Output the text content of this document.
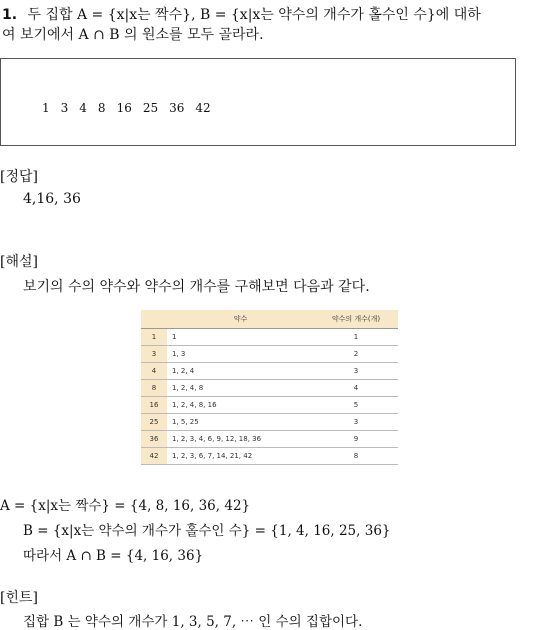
1. 두 집합 A = {x|x는 짝수}, B = {x|x는 약수의 개수가 홀수인 수}에 대하
여 보기에서 A ∩ B 의 원소를 모두 골라라.
1 3 4 8 16 25 36 42
[정답]
4,16, 36
[해설]
보기의 수의 약수와 약수의 개수를 구해보면 다음과 같다.
	약수	약수의 개수(개)
1	1	1
3	1, 3	2
4	1, 2, 4	3
8	1, 2, 4, 8	4
16	1, 2, 4, 8, 16	5
25	1, 5, 25	3
36	1, 2, 3, 4, 6, 9, 12, 18, 36	9
42	1, 2, 3, 6, 7, 14, 21, 42	8
A = {x|x는 짝수} = {4, 8, 16, 36, 42}
B = {x|x는 약수의 개수가 홀수인 수} = {1, 4, 16, 25, 36}
따라서 A ∩ B = {4, 16, 36}
[힌트]
집합 B 는 약수의 개수가 1, 3, 5, 7, ⋯ 인 수의 집합이다.
